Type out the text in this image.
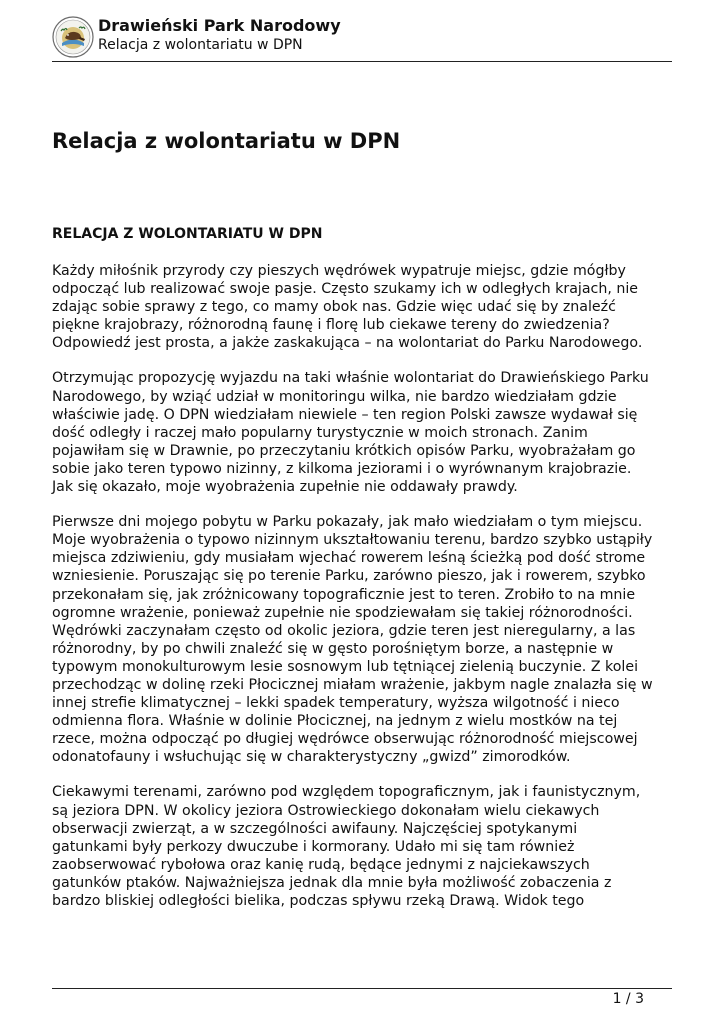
Drawieński Park Narodowy
Relacja z wolontariatu w DPN
Relacja z wolontariatu w DPN
RELACJA Z WOLONTARIATU W DPN

Każdy miłośnik przyrody czy pieszych wędrówek wypatruje miejsc, gdzie mógłby
odpocząć lub realizować swoje pasje. Często szukamy ich w odległych krajach, nie
zdając sobie sprawy z tego, co mamy obok nas. Gdzie więc udać się by znaleźć
piękne krajobrazy, różnorodną faunę i florę lub ciekawe tereny do zwiedzenia?
Odpowiedź jest prosta, a jakże zaskakująca – na wolontariat do Parku Narodowego.

Otrzymując propozycję wyjazdu na taki właśnie wolontariat do Drawieńskiego Parku
Narodowego, by wziąć udział w monitoringu wilka, nie bardzo wiedziałam gdzie
właściwie jadę. O DPN wiedziałam niewiele – ten region Polski zawsze wydawał się
dość odległy i raczej mało popularny turystycznie w moich stronach. Zanim
pojawiłam się w Drawnie, po przeczytaniu krótkich opisów Parku, wyobrażałam go
sobie jako teren typowo nizinny, z kilkoma jeziorami i o wyrównanym krajobrazie.
Jak się okazało, moje wyobrażenia zupełnie nie oddawały prawdy.

Pierwsze dni mojego pobytu w Parku pokazały, jak mało wiedziałam o tym miejscu.
Moje wyobrażenia o typowo nizinnym ukształtowaniu terenu, bardzo szybko ustąpiły
miejsca zdziwieniu, gdy musiałam wjechać rowerem leśną ścieżką pod dość strome
wzniesienie. Poruszając się po terenie Parku, zarówno pieszo, jak i rowerem, szybko
przekonałam się, jak zróżnicowany topograficznie jest to teren. Zrobiło to na mnie
ogromne wrażenie, ponieważ zupełnie nie spodziewałam się takiej różnorodności.
Wędrówki zaczynałam często od okolic jeziora, gdzie teren jest nieregularny, a las
różnorodny, by po chwili znaleźć się w gęsto porośniętym borze, a następnie w
typowym monokulturowym lesie sosnowym lub tętniącej zielenią buczynie. Z kolei
przechodząc w dolinę rzeki Płocicznej miałam wrażenie, jakbym nagle znalazła się w
innej strefie klimatycznej – lekki spadek temperatury, wyższa wilgotność i nieco
odmienna flora. Właśnie w dolinie Płocicznej, na jednym z wielu mostków na tej
rzece, można odpocząć po długiej wędrówce obserwując różnorodność miejscowej
odonatofauny i wsłuchując się w charakterystyczny „gwizd” zimorodków.

Ciekawymi terenami, zarówno pod względem topograficznym, jak i faunistycznym,
są jeziora DPN. W okolicy jeziora Ostrowieckiego dokonałam wielu ciekawych
obserwacji zwierząt, a w szczególności awifauny. Najczęściej spotykanymi
gatunkami były perkozy dwuczube i kormorany. Udało mi się tam również
zaobserwować rybołowa oraz kanię rudą, będące jednymi z najciekawszych
gatunków ptaków. Najważniejsza jednak dla mnie była możliwość zobaczenia z
bardzo bliskiej odległości bielika, podczas spływu rzeką Drawą. Widok tego

1 / 3
